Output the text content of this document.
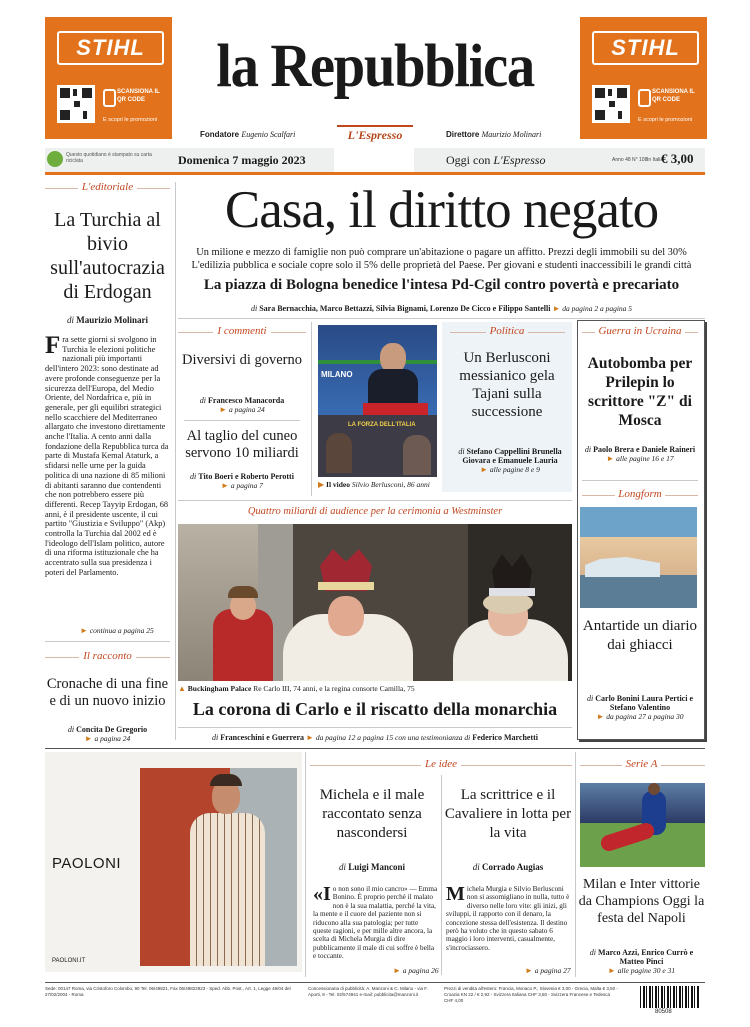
STIHL
SCANSIONA IL QR CODE
E scopri le promozioni
STIHL
SCANSIONA IL QR CODE
E scopri le promozioni
la Repubblica
Fondatore Eugenio Scalfari	L'Espresso	Direttore Maurizio Molinari
Questo quotidiano è stampato su carta riciclata	Domenica 7 maggio 2023	Oggi con L'Espresso	Anno 48 N° 108 In Italia
€ 3,00
L'editoriale
La Turchia al bivio sull'autocrazia di Erdogan
di Maurizio Molinari
Fra sette giorni si svolgono in Turchia le elezioni politiche nazionali più importanti dell'intero 2023: sono destinate ad avere profonde conseguenze per la sicurezza dell'Europa, del Medio Oriente, del Nordafrica e, più in generale, per gli equilibri strategici nello scacchiere del Mediterraneo allargato che investono direttamente anche l'Italia. A cento anni dalla fondazione della Repubblica turca da parte di Mustafa Kemal Ataturk, a sfidarsi nelle urne per la guida politica di una nazione di 85 milioni di abitanti saranno due contendenti che non potrebbero essere più differenti. Recep Tayyip Erdogan, 68 anni, è il presidente uscente, il cui partito "Giustizia e Sviluppo" (Akp) controlla la Turchia dal 2002 ed è l'ideologo dell'Islam politico, autore di una riforma istituzionale che ha accentrato sulla sua presidenza i poteri del Parlamento.
► continua a pagina 25
Il racconto
Cronache di una fine e di un nuovo inizio
di Concita De Gregorio
► a pagina 24
Casa, il diritto negato
Un milione e mezzo di famiglie non può comprare un'abitazione o pagare un affitto. Prezzi degli immobili su del 30% L'edilizia pubblica e sociale copre solo il 5% delle proprietà del Paese. Per giovani e studenti inaccessibili le grandi città
La piazza di Bologna benedice l'intesa Pd-Cgil contro povertà e precariato
di Sara Bernacchia, Marco Bettazzi, Silvia Bignami, Lorenzo De Cicco e Filippo Santelli ► da pagina 2 a pagina 5
I commenti
Diversivi di governo
di Francesco Manacorda
► a pagina 24
Al taglio del cuneo servono 10 miliardi
di Tito Boeri e Roberto Perotti
► a pagina 7
MILANO
LA FORZA DELL'ITALIA
▶ Il video Silvio Berlusconi, 86 anni
Politica
Un Berlusconi messianico gela Tajani sulla successione
di Stefano Cappellini Brunella Giovara e Emanuele Lauria
► alle pagine 8 e 9
Guerra in Ucraina
Autobomba per Prilepin lo scrittore "Z" di Mosca
di Paolo Brera e Daniele Raineri
► alle pagine 16 e 17
Longform
Antartide un diario dai ghiacci
di Carlo Bonini Laura Pertici e Stefano Valentino
► da pagina 27 a pagina 30
Quattro miliardi di audience per la cerimonia a Westminster
▲ Buckingham Palace Re Carlo III, 74 anni, e la regina consorte Camilla, 75
La corona di Carlo e il riscatto della monarchia
di Franceschini e Guerrera ► da pagina 12 a pagina 15 con una testimonianza di Federico Marchetti
PAOLONI
PAOLONI.IT
Le idee
Michela e il male raccontato senza nascondersi
di Luigi Manconi
«Io non sono il mio cancro» — Emma Bonino. È proprio perché il malato non è la sua malattia, perché la vita, la mente e il cuore del paziente non si riducono alla sua patologia; per tutte queste ragioni, e per mille altre ancora, la scelta di Michela Murgia di dire pubblicamente il male di cui soffre è bella e toccante.
► a pagina 26
La scrittrice e il Cavaliere in lotta per la vita
di Corrado Augias
Michela Murgia e Silvio Berlusconi non si assomigliano in nulla, tutto è diverso nelle loro vite: gli inizi, gli sviluppi, il rapporto con il denaro, la concezione stessa dell'esistenza. Il destino però ha voluto che in questo sabato 6 maggio i loro interventi, casualmente, s'incrociassero.
► a pagina 27
Serie A
Milan e Inter vittorie da Champions Oggi la festa del Napoli
di Marco Azzi, Enrico Currò e Matteo Pinci
► alle pagine 30 e 31
Sede: 00147 Roma, via Cristoforo Colombo, 90 Tel. 06/49821, Fax 06/49822923 - Sped. Abb. Post., Art. 1, Legge 46/04 del 27/02/2004 - Roma
Concessionaria di pubblicità: A. Manzoni & C. Milano - via F. Aporti, 8 - Tel. 02/574941 e-mail: pubblicita@manzoni.it
Prezzi di vendita all'estero: Francia, Monaco P., Slovenia € 3,00 - Grecia, Malta € 3,50 - Croazia KN 22 / € 2,92 - Svizzera Italiana CHF 3,50 - Svizzera Francese e Tedesca CHF 4,00
80508
